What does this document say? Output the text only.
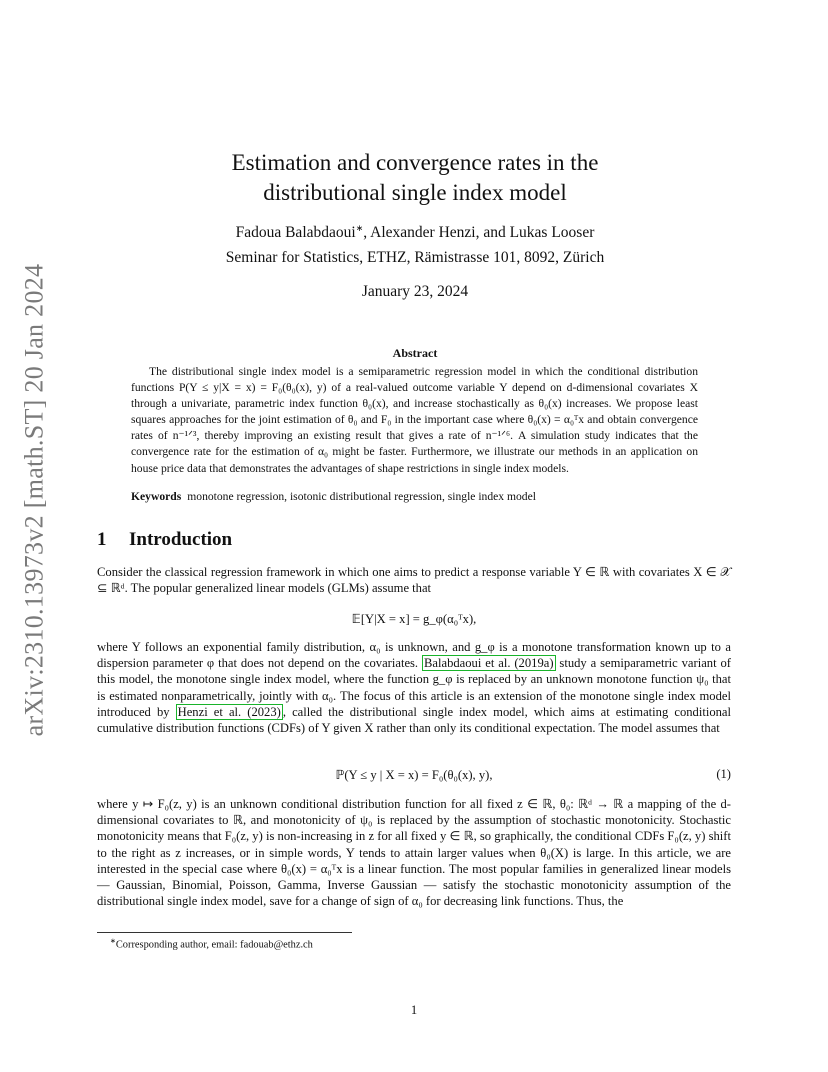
arXiv:2310.13973v2 [math.ST] 20 Jan 2024
Estimation and convergence rates in the
distributional single index model
Fadoua Balabdaoui∗, Alexander Henzi, and Lukas Looser
Seminar for Statistics, ETHZ, Rämistrasse 101, 8092, Zürich
January 23, 2024
Abstract
The distributional single index model is a semiparametric regression model in which the conditional distribution functions P(Y ≤ y|X = x) = F₀(θ₀(x), y) of a real-valued outcome variable Y depend on d-dimensional covariates X through a univariate, parametric index function θ₀(x), and increase stochastically as θ₀(x) increases. We propose least squares approaches for the joint estimation of θ₀ and F₀ in the important case where θ₀(x) = α₀ᵀx and obtain convergence rates of n⁻¹ᐟ³, thereby improving an existing result that gives a rate of n⁻¹ᐟ⁶. A simulation study indicates that the convergence rate for the estimation of α₀ might be faster. Furthermore, we illustrate our methods in an application on house price data that demonstrates the advantages of shape restrictions in single index models.
Keywords monotone regression, isotonic distributional regression, single index model
1 Introduction
Consider the classical regression framework in which one aims to predict a response variable Y ∈ ℝ with covariates X ∈ 𝒳 ⊆ ℝᵈ. The popular generalized linear models (GLMs) assume that
𝔼[Y|X = x] = g_φ(α₀ᵀx),
where Y follows an exponential family distribution, α₀ is unknown, and g_φ is a monotone transformation known up to a dispersion parameter φ that does not depend on the covariates. Balabdaoui et al. (2019a) study a semiparametric variant of this model, the monotone single index model, where the function g_φ is replaced by an unknown monotone function ψ₀ that is estimated nonparametrically, jointly with α₀. The focus of this article is an extension of the monotone single index model introduced by Henzi et al. (2023) , called the distributional single index model, which aims at estimating conditional cumulative distribution functions (CDFs) of Y given X rather than only its conditional expectation. The model assumes that
ℙ(Y ≤ y | X = x) = F₀(θ₀(x), y),	(1)
where y ↦ F₀(z, y) is an unknown conditional distribution function for all fixed z ∈ ℝ, θ₀: ℝᵈ → ℝ a mapping of the d-dimensional covariates to ℝ, and monotonicity of ψ₀ is replaced by the assumption of stochastic monotonicity. Stochastic monotonicity means that F₀(z, y) is non-increasing in z for all fixed y ∈ ℝ, so graphically, the conditional CDFs F₀(z, y) shift to the right as z increases, or in simple words, Y tends to attain larger values when θ₀(X) is large. In this article, we are interested in the special case where θ₀(x) = α₀ᵀx is a linear function. The most popular families in generalized linear models — Gaussian, Binomial, Poisson, Gamma, Inverse Gaussian — satisfy the stochastic monotonicity assumption of the distributional single index model, save for a change of sign of α₀ for decreasing link functions. Thus, the
∗Corresponding author, email: fadouab@ethz.ch
1
